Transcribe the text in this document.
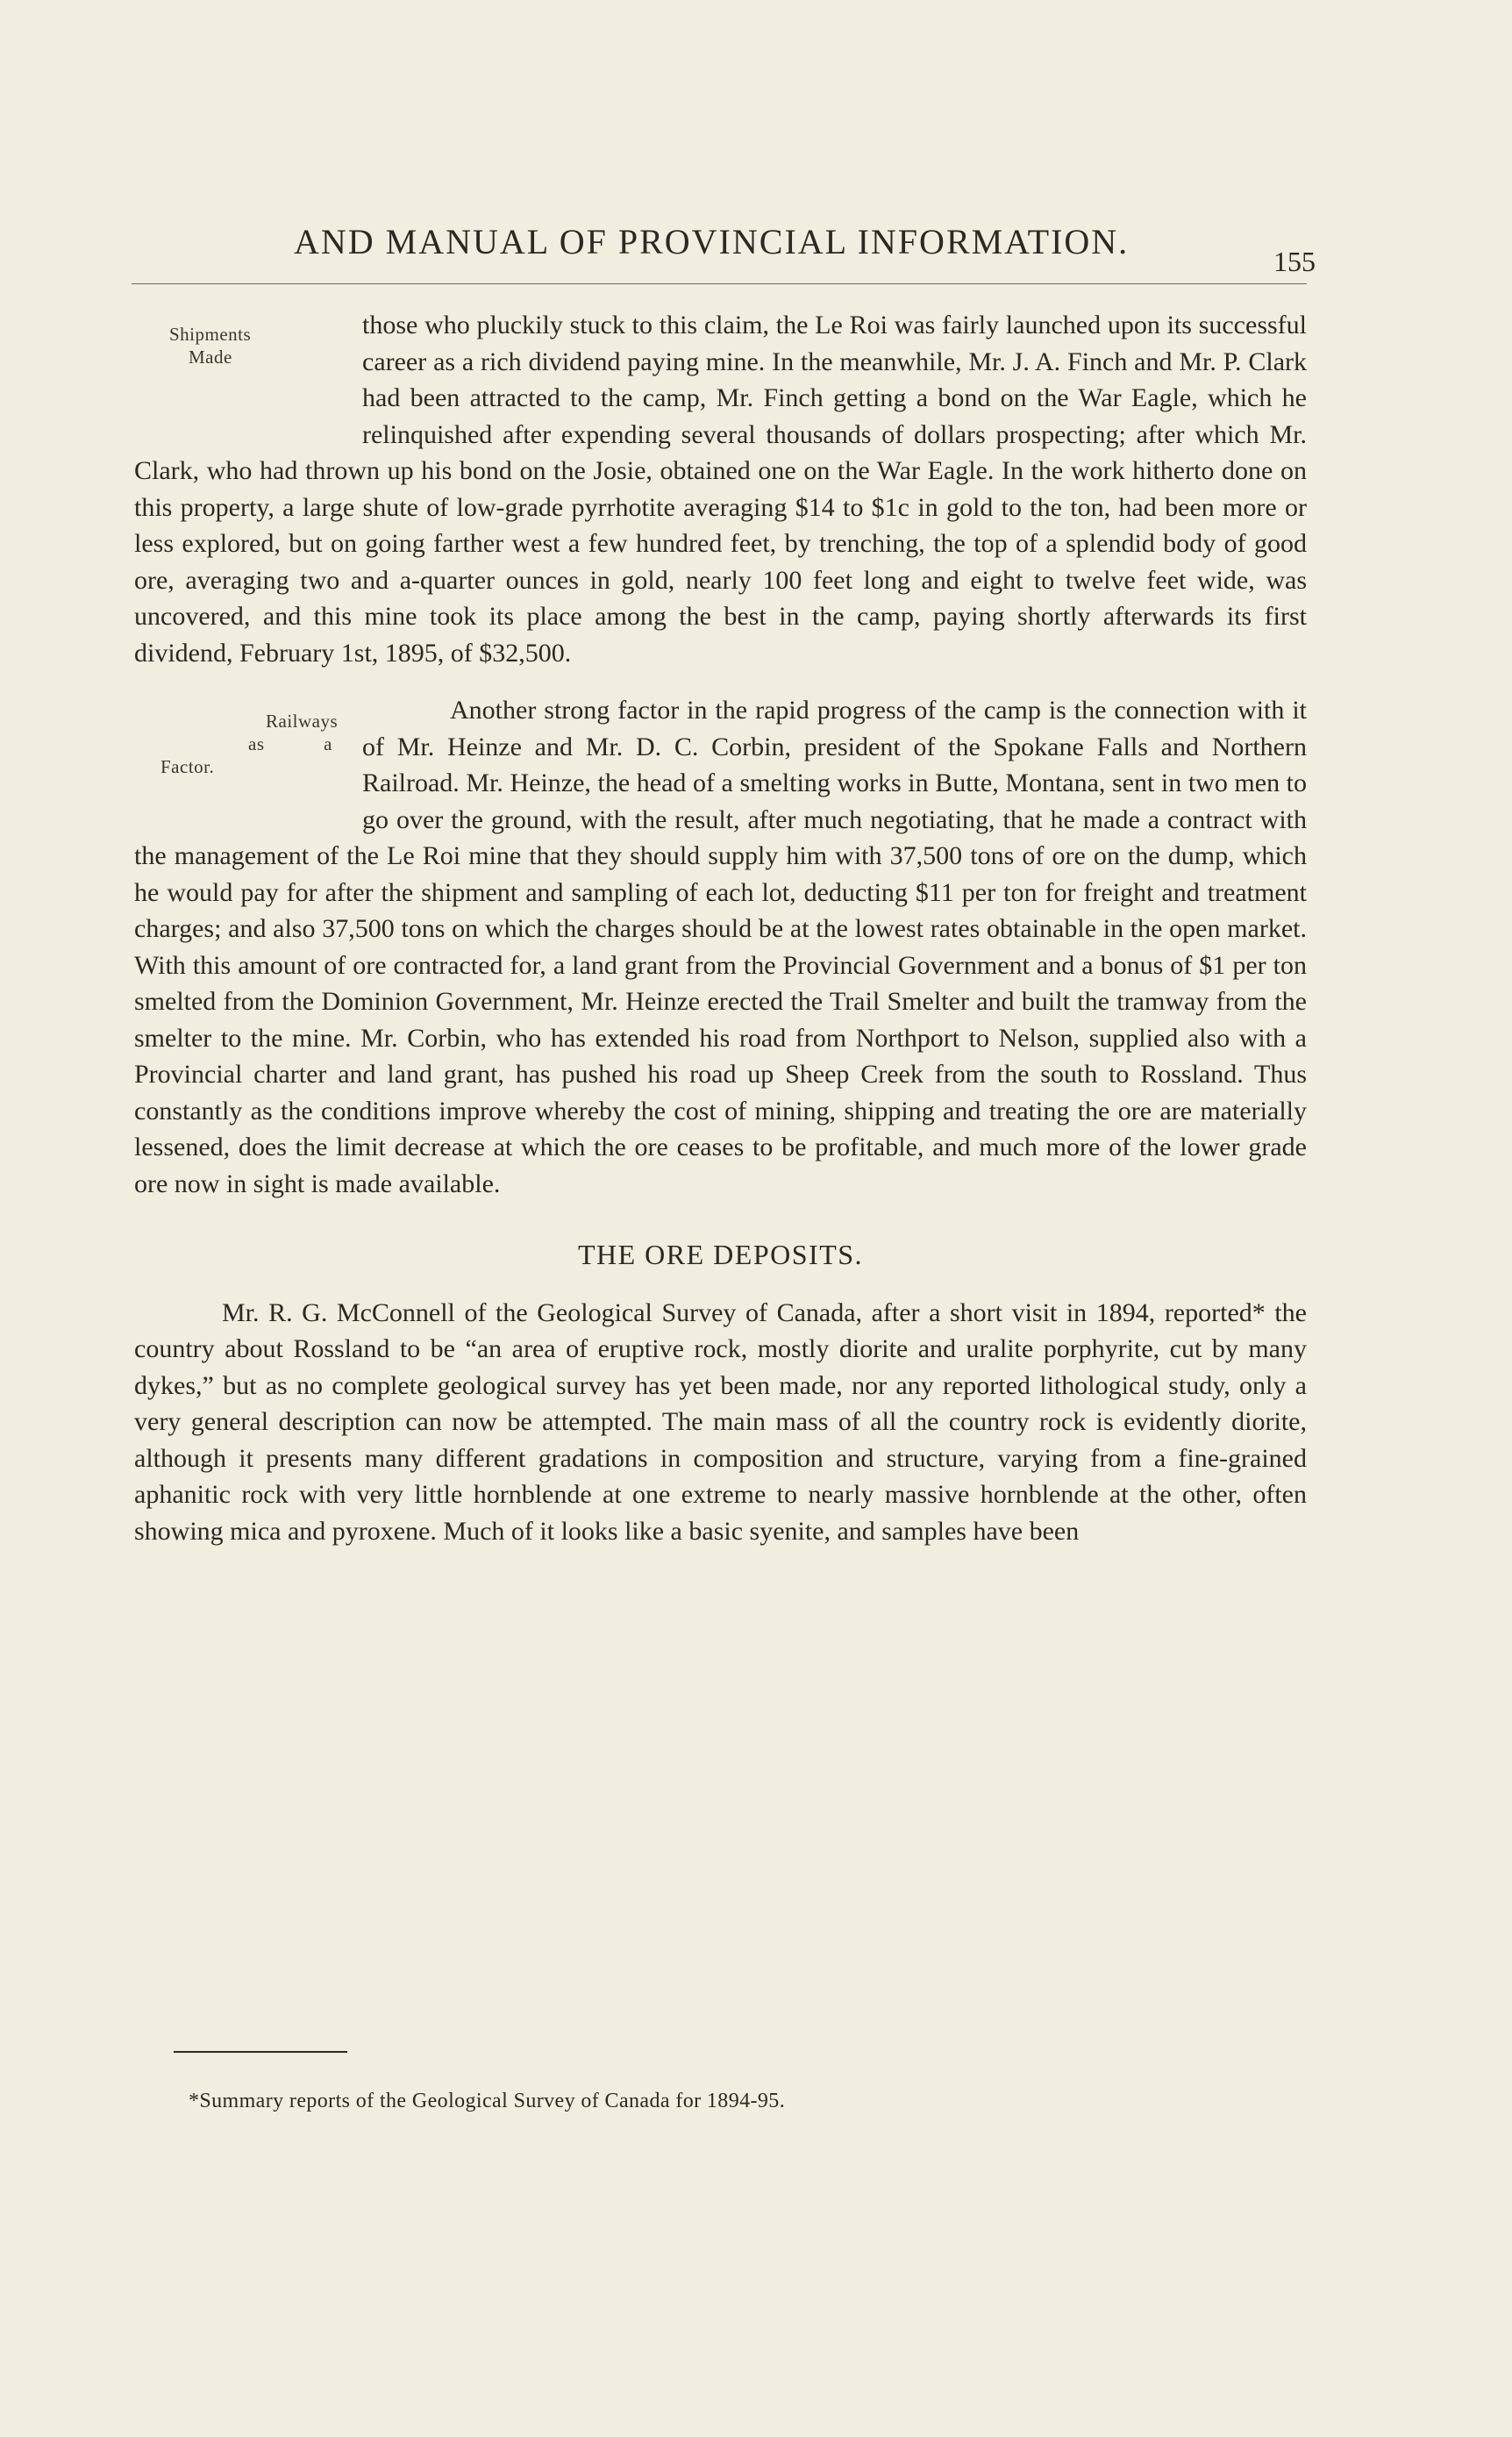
AND MANUAL OF PROVINCIAL INFORMATION.	155

Shipments
Made
those who pluckily stuck to this claim, the Le Roi was fairly launched upon its successful career as a rich dividend paying mine. In the meanwhile, Mr. J. A. Finch and Mr. P. Clark had been attracted to the camp, Mr. Finch getting a bond on the War Eagle, which he relinquished after expending several thousands of dollars prospecting; after which Mr. Clark, who had thrown up his bond on the Josie, obtained one on the War Eagle. In the work hitherto done on this property, a large shute of low-grade pyrrhotite averaging $14 to $1c in gold to the ton, had been more or less explored, but on going farther west a few hundred feet, by trenching, the top of a splendid body of good ore, averaging two and a-quarter ounces in gold, nearly 100 feet long and eight to twelve feet wide, was uncovered, and this mine took its place among the best in the camp, paying shortly afterwards its first dividend, February 1st, 1895, of $32,500.

Railways
as a Factor.
Another strong factor in the rapid progress of the camp is the connection with it of Mr. Heinze and Mr. D. C. Corbin, president of the Spokane Falls and Northern Railroad. Mr. Heinze, the head of a smelting works in Butte, Montana, sent in two men to go over the ground, with the result, after much negotiating, that he made a contract with the management of the Le Roi mine that they should supply him with 37,500 tons of ore on the dump, which he would pay for after the shipment and sampling of each lot, deducting $11 per ton for freight and treatment charges; and also 37,500 tons on which the charges should be at the lowest rates obtainable in the open market. With this amount of ore contracted for, a land grant from the Provincial Government and a bonus of $1 per ton smelted from the Dominion Government, Mr. Heinze erected the Trail Smelter and built the tramway from the smelter to the mine. Mr. Corbin, who has extended his road from Northport to Nelson, supplied also with a Provincial charter and land grant, has pushed his road up Sheep Creek from the south to Rossland. Thus constantly as the conditions improve whereby the cost of mining, shipping and treating the ore are materially lessened, does the limit decrease at which the ore ceases to be profitable, and much more of the lower grade ore now in sight is made available.

THE ORE DEPOSITS.

Mr. R. G. McConnell of the Geological Survey of Canada, after a short visit in 1894, reported* the country about Rossland to be “an area of eruptive rock, mostly diorite and uralite porphyrite, cut by many dykes,” but as no complete geological survey has yet been made, nor any reported lithological study, only a very general description can now be attempted. The main mass of all the country rock is evidently diorite, although it presents many different gradations in composition and structure, varying from a fine-grained aphanitic rock with very little hornblende at one extreme to nearly massive hornblende at the other, often showing mica and pyroxene. Much of it looks like a basic syenite, and samples have been

*Summary reports of the Geological Survey of Canada for 1894-95.
